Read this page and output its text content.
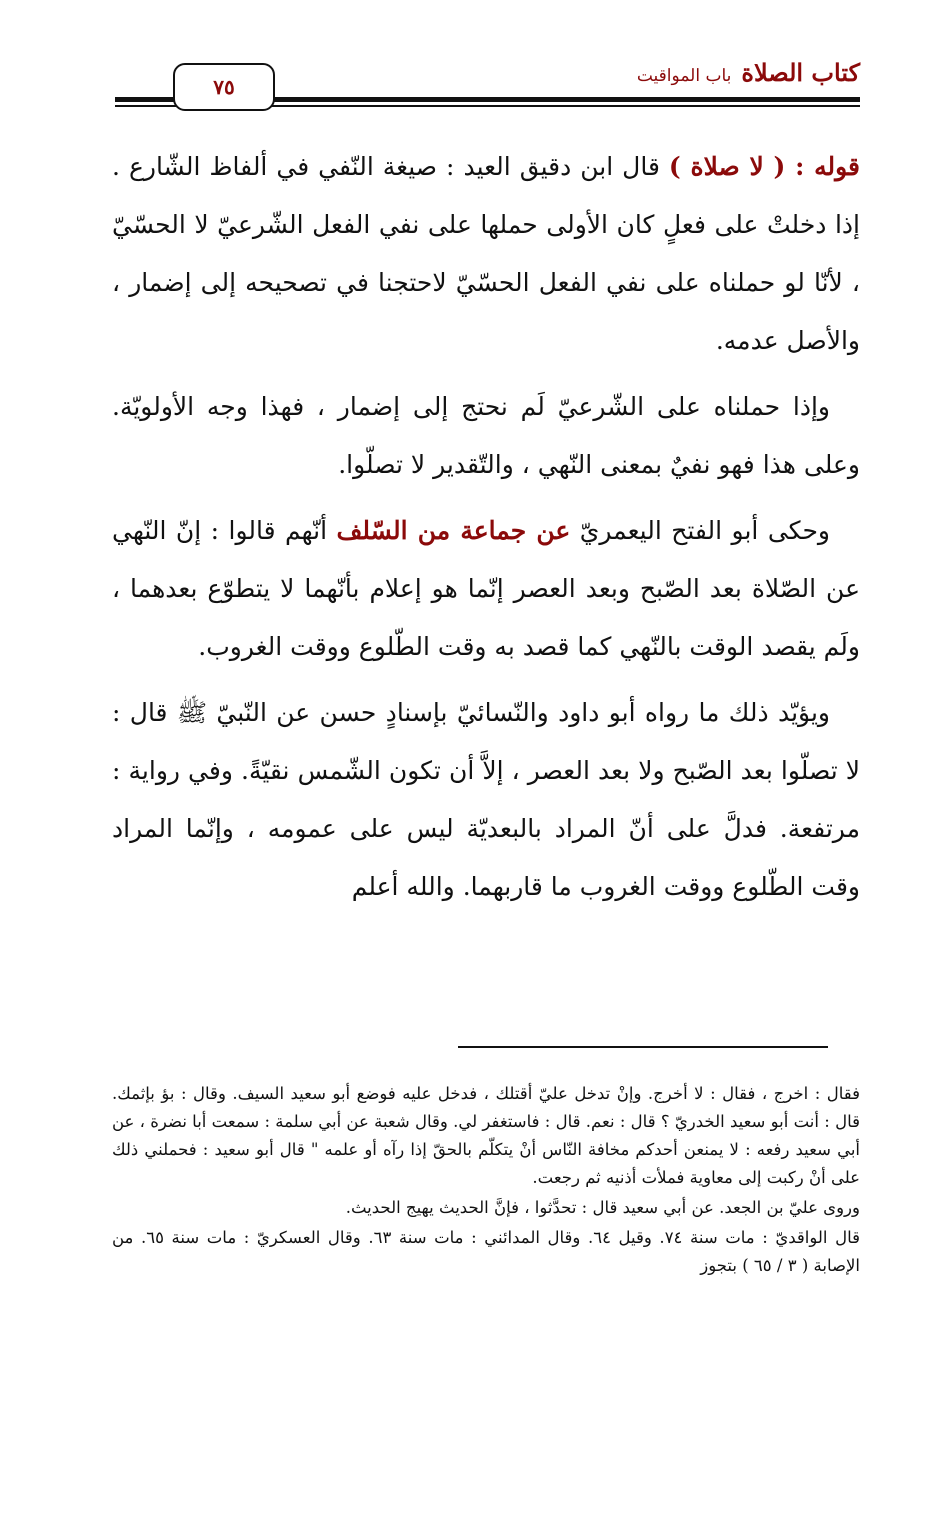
كتاب الصلاةباب المواقيت
٧٥

قوله : ( لا صلاة ) قال ابن دقيق العيد : صيغة النّفي في ألفاظ الشّارع . إذا دخلتْ على فعلٍ كان الأولى حملها على نفي الفعل الشّرعيّ لا الحسّيّ ، لأنّا لو حملناه على نفي الفعل الحسّيّ لاحتجنا في تصحيحه إلى إضمار ، والأصل عدمه.

وإذا حملناه على الشّرعيّ لَم نحتج إلى إضمار ، فهذا وجه الأولويّة. وعلى هذا فهو نفيٌ بمعنى النّهي ، والتّقدير لا تصلّوا.

وحكى أبو الفتح اليعمريّ عن جماعة من السّلف أنّهم قالوا : إنّ النّهي عن الصّلاة بعد الصّبح وبعد العصر إنّما هو إعلام بأنّهما لا يتطوّع بعدهما ، ولَم يقصد الوقت بالنّهي كما قصد به وقت الطّلوع ووقت الغروب.

ويؤيّد ذلك ما رواه أبو داود والنّسائيّ بإسنادٍ حسن عن النّبيّ ﷺ قال : لا تصلّوا بعد الصّبح ولا بعد العصر ، إلاَّ أن تكون الشّمس نقيّةً. وفي رواية : مرتفعة. فدلَّ على أنّ المراد بالبعديّة ليس على عمومه ، وإنّما المراد وقت الطّلوع ووقت الغروب ما قاربهما. والله أعلم

فقال : اخرج ، فقال : لا أخرج. وإنْ تدخل عليّ أقتلك ، فدخل عليه فوضع أبو سعيد السيف. وقال : بؤ بإثمك. قال : أنت أبو سعيد الخدريّ ؟ قال : نعم. قال : فاستغفر لي. وقال شعبة عن أبي سلمة : سمعت أبا نضرة ، عن أبي سعيد رفعه : لا يمنعن أحدكم مخافة النّاس أنْ يتكلّم بالحقّ إذا رآه أو علمه " قال أبو سعيد : فحملني ذلك على أنْ ركبت إلى معاوية فملأت أذنيه ثم رجعت.

وروى عليّ بن الجعد. عن أبي سعيد قال : تحدَّثوا ، فإنَّ الحديث يهيج الحديث.

قال الواقديّ : مات سنة ٧٤. وقيل ٦٤. وقال المدائني : مات سنة ٦٣. وقال العسكريّ : مات سنة ٦٥. من الإصابة ( ٣ / ٦٥ ) بتجوز
